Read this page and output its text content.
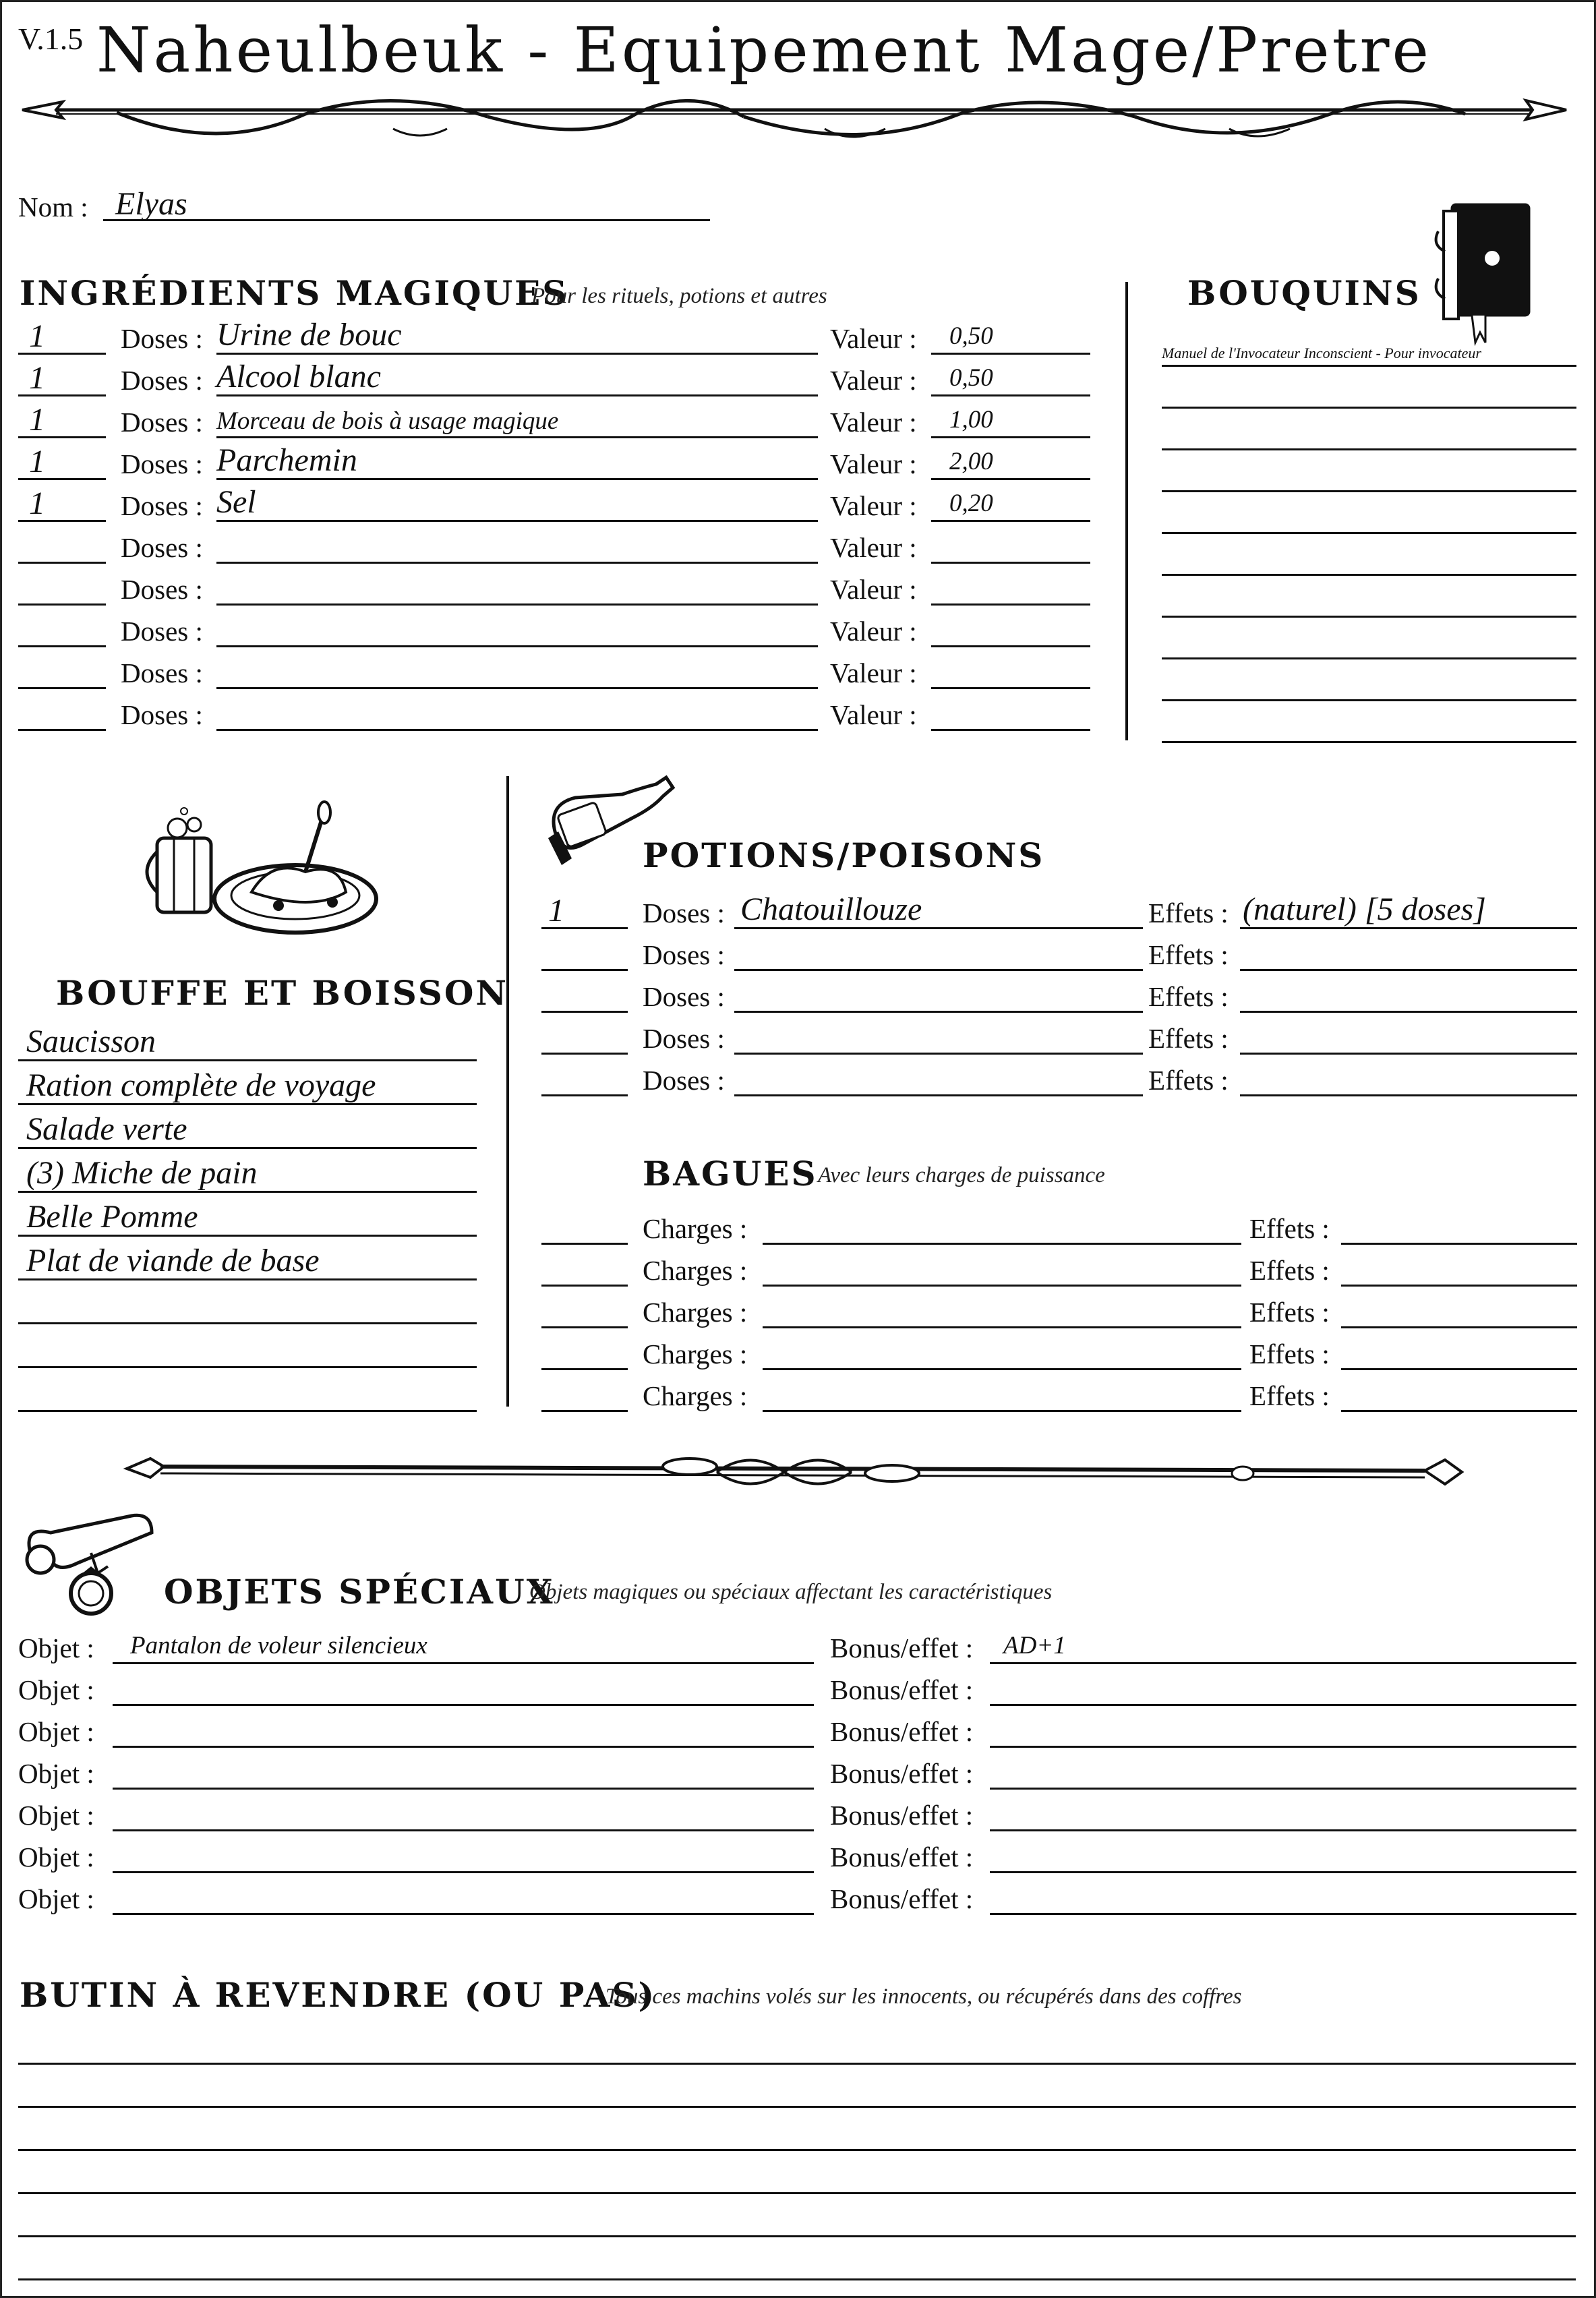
V.1.5 Naheulbeuk - Equipement Mage/Pretre
Nom : Elyas
INGRÉDIENTS MAGIQUES
Pour les rituels, potions et autres	BOUQUINS
BOUFFE ET BOISSON
POTIONS/POISONS
BAGUES Avec leurs charges de puissance
OBJETS SPÉCIAUX
Objets magiques ou spéciaux affectant les caractéristiques
BUTIN À REVENDRE (OU PAS)
Tous ces machins volés sur les innocents, ou récupérés dans des coffres
1	Doses : Urine de bouc	Valeur : 0,50
1	Doses : Alcool blanc	Valeur : 0,50
1	Doses : Morceau de bois à usage magique	Valeur : 1,00
1	Doses : Parchemin	Valeur : 2,00
1	Doses : Sel	Valeur : 0,20
Doses :	Valeur :
Doses :	Valeur :
Doses :	Valeur :
Doses :	Valeur :
Doses :	Valeur :
Manuel de l'Invocateur Inconscient - Pour invocateur
Saucisson
Ration complète de voyage
Salade verte
(3) Miche de pain
Belle Pomme
Plat de viande de base
1	Doses : Chatouillouze	Effets : (naturel) [5 doses]
Doses :	Effets :
Doses :	Effets :
Doses :	Effets :
Doses :	Effets :
Charges :	Effets :
Charges :	Effets :
Charges :	Effets :
Charges :	Effets :
Charges :	Effets :
Objet : Pantalon de voleur silencieux	Bonus/effet : AD+1
Objet :	Bonus/effet :
Objet :	Bonus/effet :
Objet :	Bonus/effet :
Objet :	Bonus/effet :
Objet :	Bonus/effet :
Objet :	Bonus/effet :
